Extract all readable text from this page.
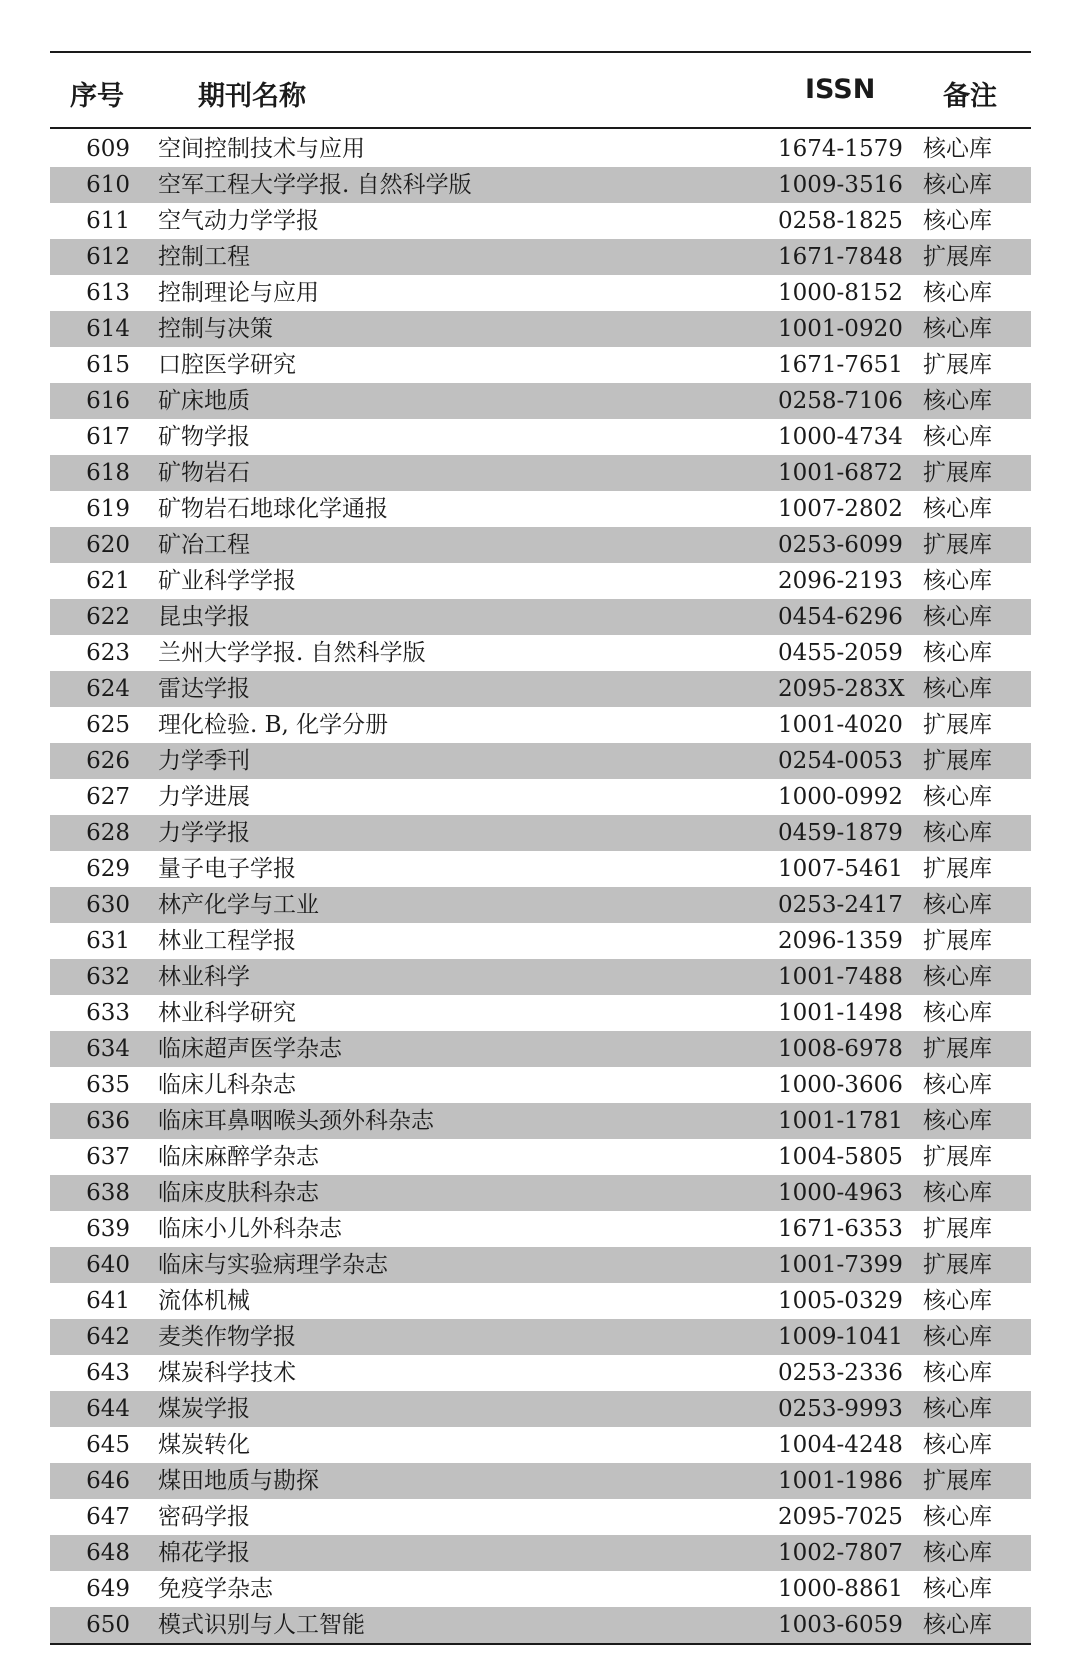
序号	期刊名称	ISSN	备注
609 空间控制技术与应用	1674-1579 核心库
610 空军工程大学学报. 自然科学版	1009-3516 核心库
611 空气动力学学报	0258-1825 核心库
612 控制工程	1671-7848 扩展库
613 控制理论与应用	1000-8152 核心库
614 控制与决策	1001-0920 核心库
615 口腔医学研究	1671-7651 扩展库
616 矿床地质	0258-7106 核心库
617 矿物学报	1000-4734 核心库
618 矿物岩石	1001-6872 扩展库
619 矿物岩石地球化学通报	1007-2802 核心库
620 矿冶工程	0253-6099 扩展库
621 矿业科学学报	2096-2193 核心库
622 昆虫学报	0454-6296 核心库
623 兰州大学学报. 自然科学版	0455-2059 核心库
624 雷达学报	2095-283X 核心库
625 理化检验. B, 化学分册	1001-4020 扩展库
626 力学季刊	0254-0053 扩展库
627 力学进展	1000-0992 核心库
628 力学学报	0459-1879 核心库
629 量子电子学报	1007-5461 扩展库
630 林产化学与工业	0253-2417 核心库
631 林业工程学报	2096-1359 扩展库
632 林业科学	1001-7488 核心库
633 林业科学研究	1001-1498 核心库
634 临床超声医学杂志	1008-6978 扩展库
635 临床儿科杂志	1000-3606 核心库
636 临床耳鼻咽喉头颈外科杂志	1001-1781 核心库
637 临床麻醉学杂志	1004-5805 扩展库
638 临床皮肤科杂志	1000-4963 核心库
639 临床小儿外科杂志	1671-6353 扩展库
640 临床与实验病理学杂志	1001-7399 扩展库
641 流体机械	1005-0329 核心库
642 麦类作物学报	1009-1041 核心库
643 煤炭科学技术	0253-2336 核心库
644 煤炭学报	0253-9993 核心库
645 煤炭转化	1004-4248 核心库
646 煤田地质与勘探	1001-1986 扩展库
647 密码学报	2095-7025 核心库
648 棉花学报	1002-7807 核心库
649 免疫学杂志	1000-8861 核心库
650 模式识别与人工智能	1003-6059 核心库
